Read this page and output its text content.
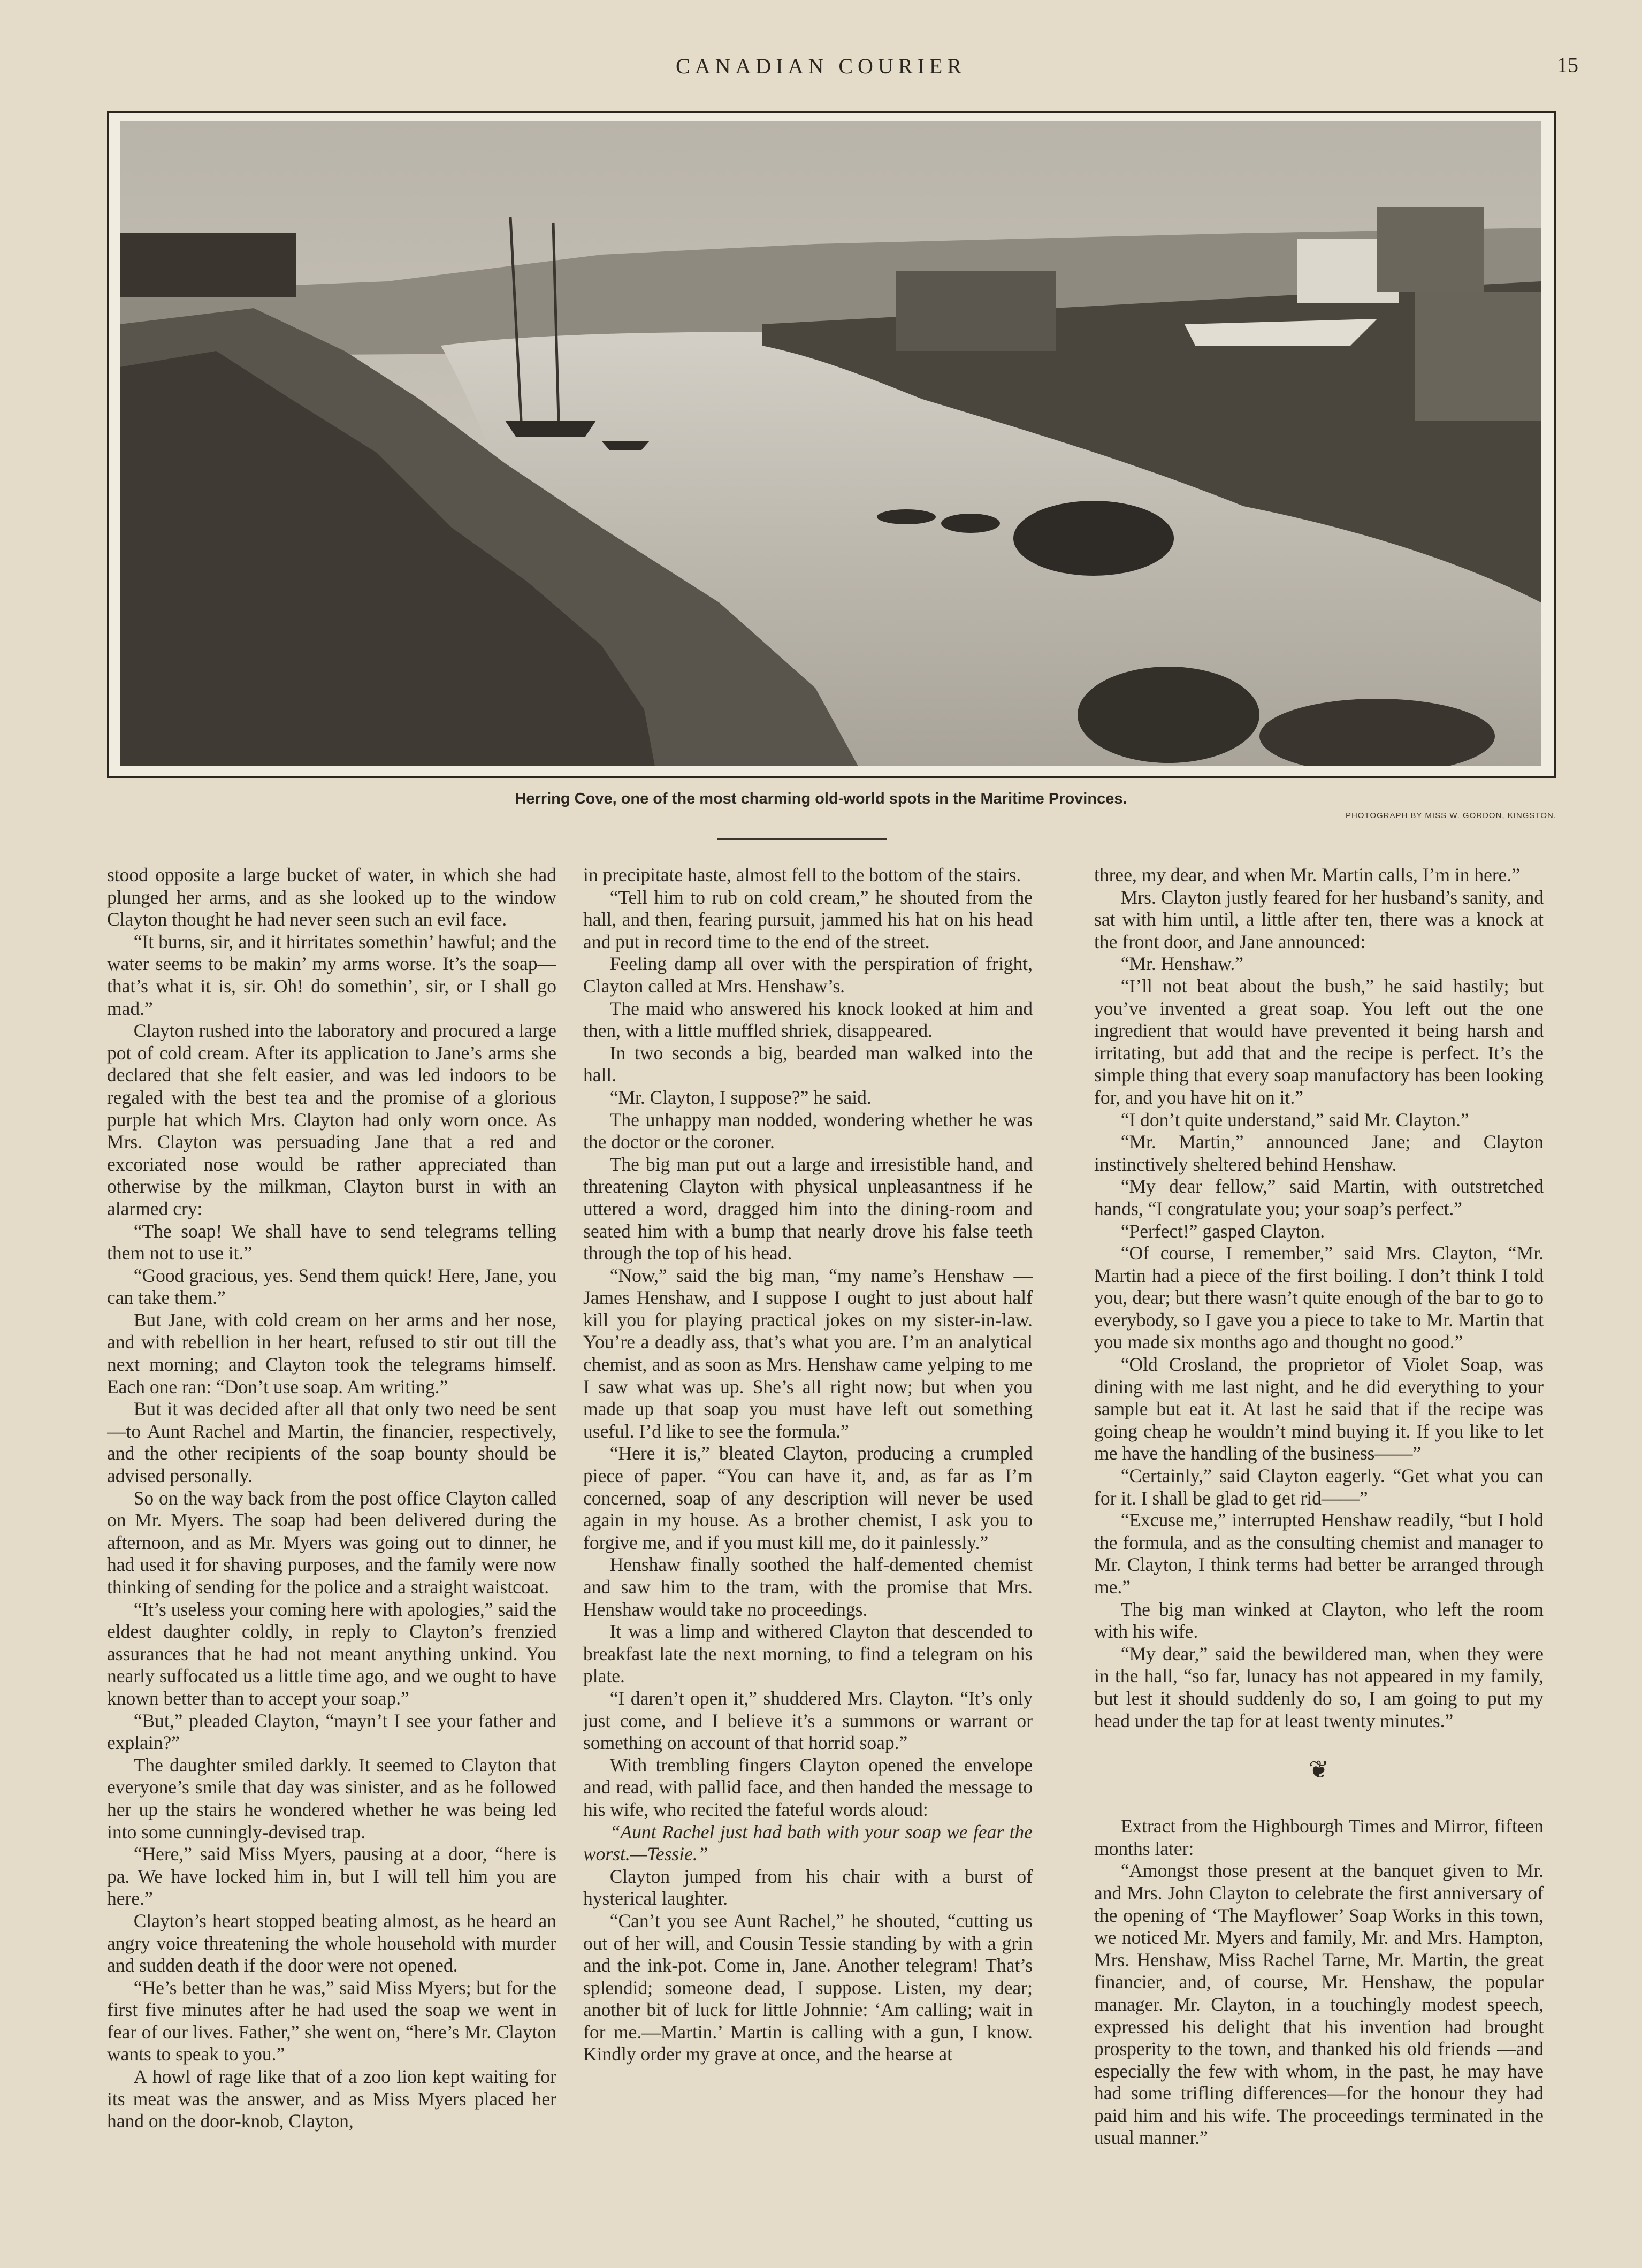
CANADIAN COURIER	15
Herring Cove, one of the most charming old-world spots in the Maritime Provinces.
PHOTOGRAPH BY MISS W. GORDON, KINGSTON.

stood opposite a large bucket of water, in which she had plunged her arms, and as she looked up to the window Clayton thought he had never seen such an evil face.

“It burns, sir, and it hirritates somethin’ hawful; and the water seems to be makin’ my arms worse. It’s the soap—that’s what it is, sir. Oh! do somethin’, sir, or I shall go mad.”

Clayton rushed into the laboratory and procured a large pot of cold cream. After its application to Jane’s arms she declared that she felt easier, and was led indoors to be regaled with the best tea and the promise of a glorious purple hat which Mrs. Clayton had only worn once. As Mrs. Clayton was persuading Jane that a red and excoriated nose would be rather appreciated than otherwise by the milkman, Clayton burst in with an alarmed cry:

“The soap! We shall have to send telegrams telling them not to use it.”

“Good gracious, yes. Send them quick! Here, Jane, you can take them.”

But Jane, with cold cream on her arms and her nose, and with rebellion in her heart, refused to stir out till the next morning; and Clayton took the telegrams himself. Each one ran: “Don’t use soap. Am writing.”

But it was decided after all that only two need be sent—to Aunt Rachel and Martin, the financier, respectively, and the other recipients of the soap bounty should be advised personally.

So on the way back from the post office Clayton called on Mr. Myers. The soap had been delivered during the afternoon, and as Mr. Myers was going out to dinner, he had used it for shaving purposes, and the family were now thinking of sending for the police and a straight waistcoat.

“It’s useless your coming here with apologies,” said the eldest daughter coldly, in reply to Clayton’s frenzied assurances that he had not meant anything unkind. You nearly suffocated us a little time ago, and we ought to have known better than to accept your soap.”

“But,” pleaded Clayton, “mayn’t I see your father and explain?”

The daughter smiled darkly. It seemed to Clayton that everyone’s smile that day was sinister, and as he followed her up the stairs he wondered whether he was being led into some cunningly-devised trap.

“Here,” said Miss Myers, pausing at a door, “here is pa. We have locked him in, but I will tell him you are here.”

Clayton’s heart stopped beating almost, as he heard an angry voice threatening the whole household with murder and sudden death if the door were not opened.

“He’s better than he was,” said Miss Myers; but for the first five minutes after he had used the soap we went in fear of our lives. Father,” she went on, “here’s Mr. Clayton wants to speak to you.”

A howl of rage like that of a zoo lion kept waiting for its meat was the answer, and as Miss Myers placed her hand on the door-knob, Clayton,

in precipitate haste, almost fell to the bottom of the stairs.

“Tell him to rub on cold cream,” he shouted from the hall, and then, fearing pursuit, jammed his hat on his head and put in record time to the end of the street.

Feeling damp all over with the perspiration of fright, Clayton called at Mrs. Henshaw’s.

The maid who answered his knock looked at him and then, with a little muffled shriek, disappeared.

In two seconds a big, bearded man walked into the hall.

“Mr. Clayton, I suppose?” he said.

The unhappy man nodded, wondering whether he was the doctor or the coroner.

The big man put out a large and irresistible hand, and threatening Clayton with physical unpleasantness if he uttered a word, dragged him into the dining-room and seated him with a bump that nearly drove his false teeth through the top of his head.

“Now,” said the big man, “my name’s Henshaw —James Henshaw, and I suppose I ought to just about half kill you for playing practical jokes on my sister-in-law. You’re a deadly ass, that’s what you are. I’m an analytical chemist, and as soon as Mrs. Henshaw came yelping to me I saw what was up. She’s all right now; but when you made up that soap you must have left out something useful. I’d like to see the formula.”

“Here it is,” bleated Clayton, producing a crumpled piece of paper. “You can have it, and, as far as I’m concerned, soap of any description will never be used again in my house. As a brother chemist, I ask you to forgive me, and if you must kill me, do it painlessly.”

Henshaw finally soothed the half-demented chemist and saw him to the tram, with the promise that Mrs. Henshaw would take no proceedings.

It was a limp and withered Clayton that descended to breakfast late the next morning, to find a telegram on his plate.

“I daren’t open it,” shuddered Mrs. Clayton. “It’s only just come, and I believe it’s a summons or warrant or something on account of that horrid soap.”

With trembling fingers Clayton opened the envelope and read, with pallid face, and then handed the message to his wife, who recited the fateful words aloud:

“Aunt Rachel just had bath with your soap we fear the worst.—Tessie.”

Clayton jumped from his chair with a burst of hysterical laughter.

“Can’t you see Aunt Rachel,” he shouted, “cutting us out of her will, and Cousin Tessie standing by with a grin and the ink-pot. Come in, Jane. Another telegram! That’s splendid; someone dead, I suppose. Listen, my dear; another bit of luck for little Johnnie: ‘Am calling; wait in for me.—Martin.’ Martin is calling with a gun, I know. Kindly order my grave at once, and the hearse at

three, my dear, and when Mr. Martin calls, I’m in here.”

Mrs. Clayton justly feared for her husband’s sanity, and sat with him until, a little after ten, there was a knock at the front door, and Jane announced:

“Mr. Henshaw.”

“I’ll not beat about the bush,” he said hastily; but you’ve invented a great soap. You left out the one ingredient that would have prevented it being harsh and irritating, but add that and the recipe is perfect. It’s the simple thing that every soap manufactory has been looking for, and you have hit on it.”

“I don’t quite understand,” said Mr. Clayton.”

“Mr. Martin,” announced Jane; and Clayton instinctively sheltered behind Henshaw.

“My dear fellow,” said Martin, with outstretched hands, “I congratulate you; your soap’s perfect.”

“Perfect!” gasped Clayton.

“Of course, I remember,” said Mrs. Clayton, “Mr. Martin had a piece of the first boiling. I don’t think I told you, dear; but there wasn’t quite enough of the bar to go to everybody, so I gave you a piece to take to Mr. Martin that you made six months ago and thought no good.”

“Old Crosland, the proprietor of Violet Soap, was dining with me last night, and he did everything to your sample but eat it. At last he said that if the recipe was going cheap he wouldn’t mind buying it. If you like to let me have the handling of the business——”

“Certainly,” said Clayton eagerly. “Get what you can for it. I shall be glad to get rid——”

“Excuse me,” interrupted Henshaw readily, “but I hold the formula, and as the consulting chemist and manager to Mr. Clayton, I think terms had better be arranged through me.”

The big man winked at Clayton, who left the room with his wife.

“My dear,” said the bewildered man, when they were in the hall, “so far, lunacy has not appeared in my family, but lest it should suddenly do so, I am going to put my head under the tap for at least twenty minutes.”

❦

Extract from the Highbourgh Times and Mirror, fifteen months later:

“Amongst those present at the banquet given to Mr. and Mrs. John Clayton to celebrate the first anniversary of the opening of ‘The Mayflower’ Soap Works in this town, we noticed Mr. Myers and family, Mr. and Mrs. Hampton, Mrs. Henshaw, Miss Rachel Tarne, Mr. Martin, the great financier, and, of course, Mr. Henshaw, the popular manager. Mr. Clayton, in a touchingly modest speech, expressed his delight that his invention had brought prosperity to the town, and thanked his old friends —and especially the few with whom, in the past, he may have had some trifling differences—for the honour they had paid him and his wife. The proceedings terminated in the usual manner.”
